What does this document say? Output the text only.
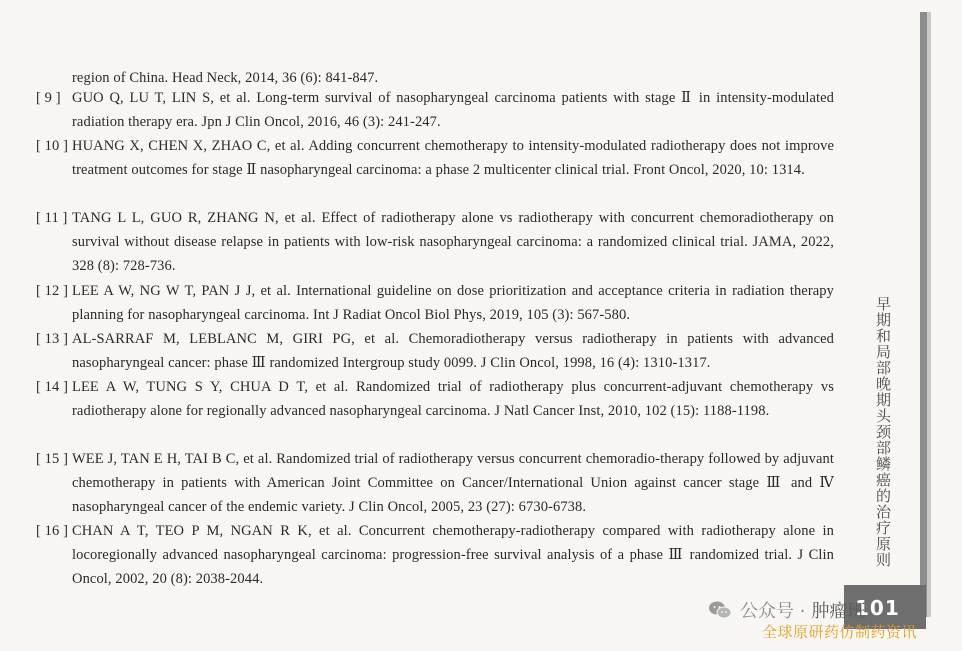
region of China. Head Neck, 2014, 36 (6): 841-847.
[ 9 ] GUO Q, LU T, LIN S, et al. Long-term survival of nasopharyngeal carcinoma patients with stage Ⅱ in intensity-modulated radiation therapy era. Jpn J Clin Oncol, 2016, 46 (3): 241-247.
[ 10 ] HUANG X, CHEN X, ZHAO C, et al. Adding concurrent chemotherapy to intensity-modulated radiotherapy does not improve treatment outcomes for stage Ⅱ nasopharyngeal carcinoma: a phase 2 multicenter clinical trial. Front Oncol, 2020, 10: 1314.
[ 11 ] TANG L L, GUO R, ZHANG N, et al. Effect of radiotherapy alone vs radiotherapy with concurrent chemoradiotherapy on survival without disease relapse in patients with low-risk nasopharyngeal carcinoma: a randomized clinical trial. JAMA, 2022, 328 (8): 728-736.
[ 12 ] LEE A W, NG W T, PAN J J, et al. International guideline on dose prioritization and acceptance criteria in radiation therapy planning for nasopharyngeal carcinoma. Int J Radiat Oncol Biol Phys, 2019, 105 (3): 567-580.
[ 13 ] AL-SARRAF M, LEBLANC M, GIRI PG, et al. Chemoradiotherapy versus radiotherapy in patients with advanced nasopharyngeal cancer: phase Ⅲ randomized Intergroup study 0099. J Clin Oncol, 1998, 16 (4): 1310-1317.
[ 14 ] LEE A W, TUNG S Y, CHUA D T, et al. Randomized trial of radiotherapy plus concurrent-adjuvant chemotherapy vs radiotherapy alone for regionally advanced nasopharyngeal carcinoma. J Natl Cancer Inst, 2010, 102 (15): 1188-1198.
[ 15 ] WEE J, TAN E H, TAI B C, et al. Randomized trial of radiotherapy versus concurrent chemoradio-therapy followed by adjuvant chemotherapy in patients with American Joint Committee on Cancer/International Union against cancer stage Ⅲ and Ⅳ nasopharyngeal cancer of the endemic variety. J Clin Oncol, 2005, 23 (27): 6730-6738.
[ 16 ] CHAN A T, TEO P M, NGAN R K, et al. Concurrent chemotherapy-radiotherapy compared with radiotherapy alone in locoregionally advanced nasopharyngeal carcinoma: progression-free survival analysis of a phase Ⅲ randomized trial. J Clin Oncol, 2002, 20 (8): 2038-2044.
早期和局部晚期头颈部鳞癌的治疗原则
101
公众号 · 肿瘤班
全球原研药仿制药资讯
